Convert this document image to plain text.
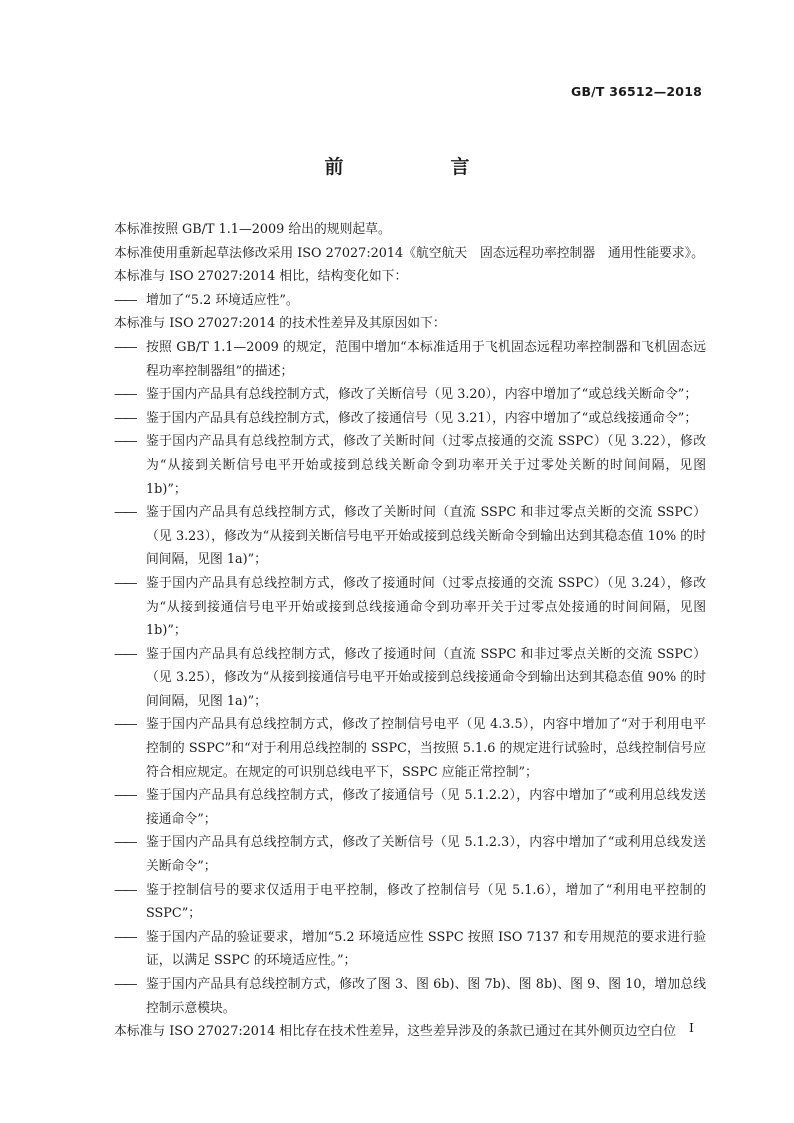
GB/T 36512—2018
前　言

本标准按照 GB/T 1.1—2009 给出的规则起草。

本标准使用重新起草法修改采用 ISO 27027:2014《航空航天　固态远程功率控制器　通用性能要求》。

本标准与 ISO 27027:2014 相比，结构变化如下：

—— 增加了“5.2 环境适应性”。

本标准与 ISO 27027:2014 的技术性差异及其原因如下：

—— 按照 GB/T 1.1—2009 的规定，范围中增加“本标准适用于飞机固态远程功率控制器和飞机固态远程功率控制器组”的描述；
—— 鉴于国内产品具有总线控制方式，修改了关断信号（见 3.20），内容中增加了“或总线关断命令”；
—— 鉴于国内产品具有总线控制方式，修改了接通信号（见 3.21），内容中增加了“或总线接通命令”；
—— 鉴于国内产品具有总线控制方式，修改了关断时间（过零点接通的交流 SSPC）（见 3.22），修改为“从接到关断信号电平开始或接到总线关断命令到功率开关于过零处关断的时间间隔，见图 1b)”；
—— 鉴于国内产品具有总线控制方式，修改了关断时间（直流 SSPC 和非过零点关断的交流 SSPC）（见 3.23），修改为“从接到关断信号电平开始或接到总线关断命令到输出达到其稳态值 10% 的时间间隔，见图 1a)”；
—— 鉴于国内产品具有总线控制方式，修改了接通时间（过零点接通的交流 SSPC）（见 3.24），修改为“从接到接通信号电平开始或接到总线接通命令到功率开关于过零点处接通的时间间隔，见图 1b)”；
—— 鉴于国内产品具有总线控制方式，修改了接通时间（直流 SSPC 和非过零点关断的交流 SSPC）（见 3.25），修改为“从接到接通信号电平开始或接到总线接通命令到输出达到其稳态值 90% 的时间间隔，见图 1a)”；
—— 鉴于国内产品具有总线控制方式，修改了控制信号电平（见 4.3.5），内容中增加了“对于利用电平控制的 SSPC”和“对于利用总线控制的 SSPC，当按照 5.1.6 的规定进行试验时，总线控制信号应符合相应规定。在规定的可识别总线电平下，SSPC 应能正常控制”；
—— 鉴于国内产品具有总线控制方式，修改了接通信号（见 5.1.2.2），内容中增加了“或利用总线发送接通命令”；
—— 鉴于国内产品具有总线控制方式，修改了关断信号（见 5.1.2.3），内容中增加了“或利用总线发送关断命令”；
—— 鉴于控制信号的要求仅适用于电平控制，修改了控制信号（见 5.1.6），增加了“利用电平控制的 SSPC”；
—— 鉴于国内产品的验证要求，增加“5.2 环境适应性 SSPC 按照 ISO 7137 和专用规范的要求进行验证，以满足 SSPC 的环境适应性。”；
—— 鉴于国内产品具有总线控制方式，修改了图 3、图 6b)、图 7b)、图 8b)、图 9、图 10，增加总线控制示意模块。

本标准与 ISO 27027:2014 相比存在技术性差异，这些差异涉及的条款已通过在其外侧页边空白位	I
